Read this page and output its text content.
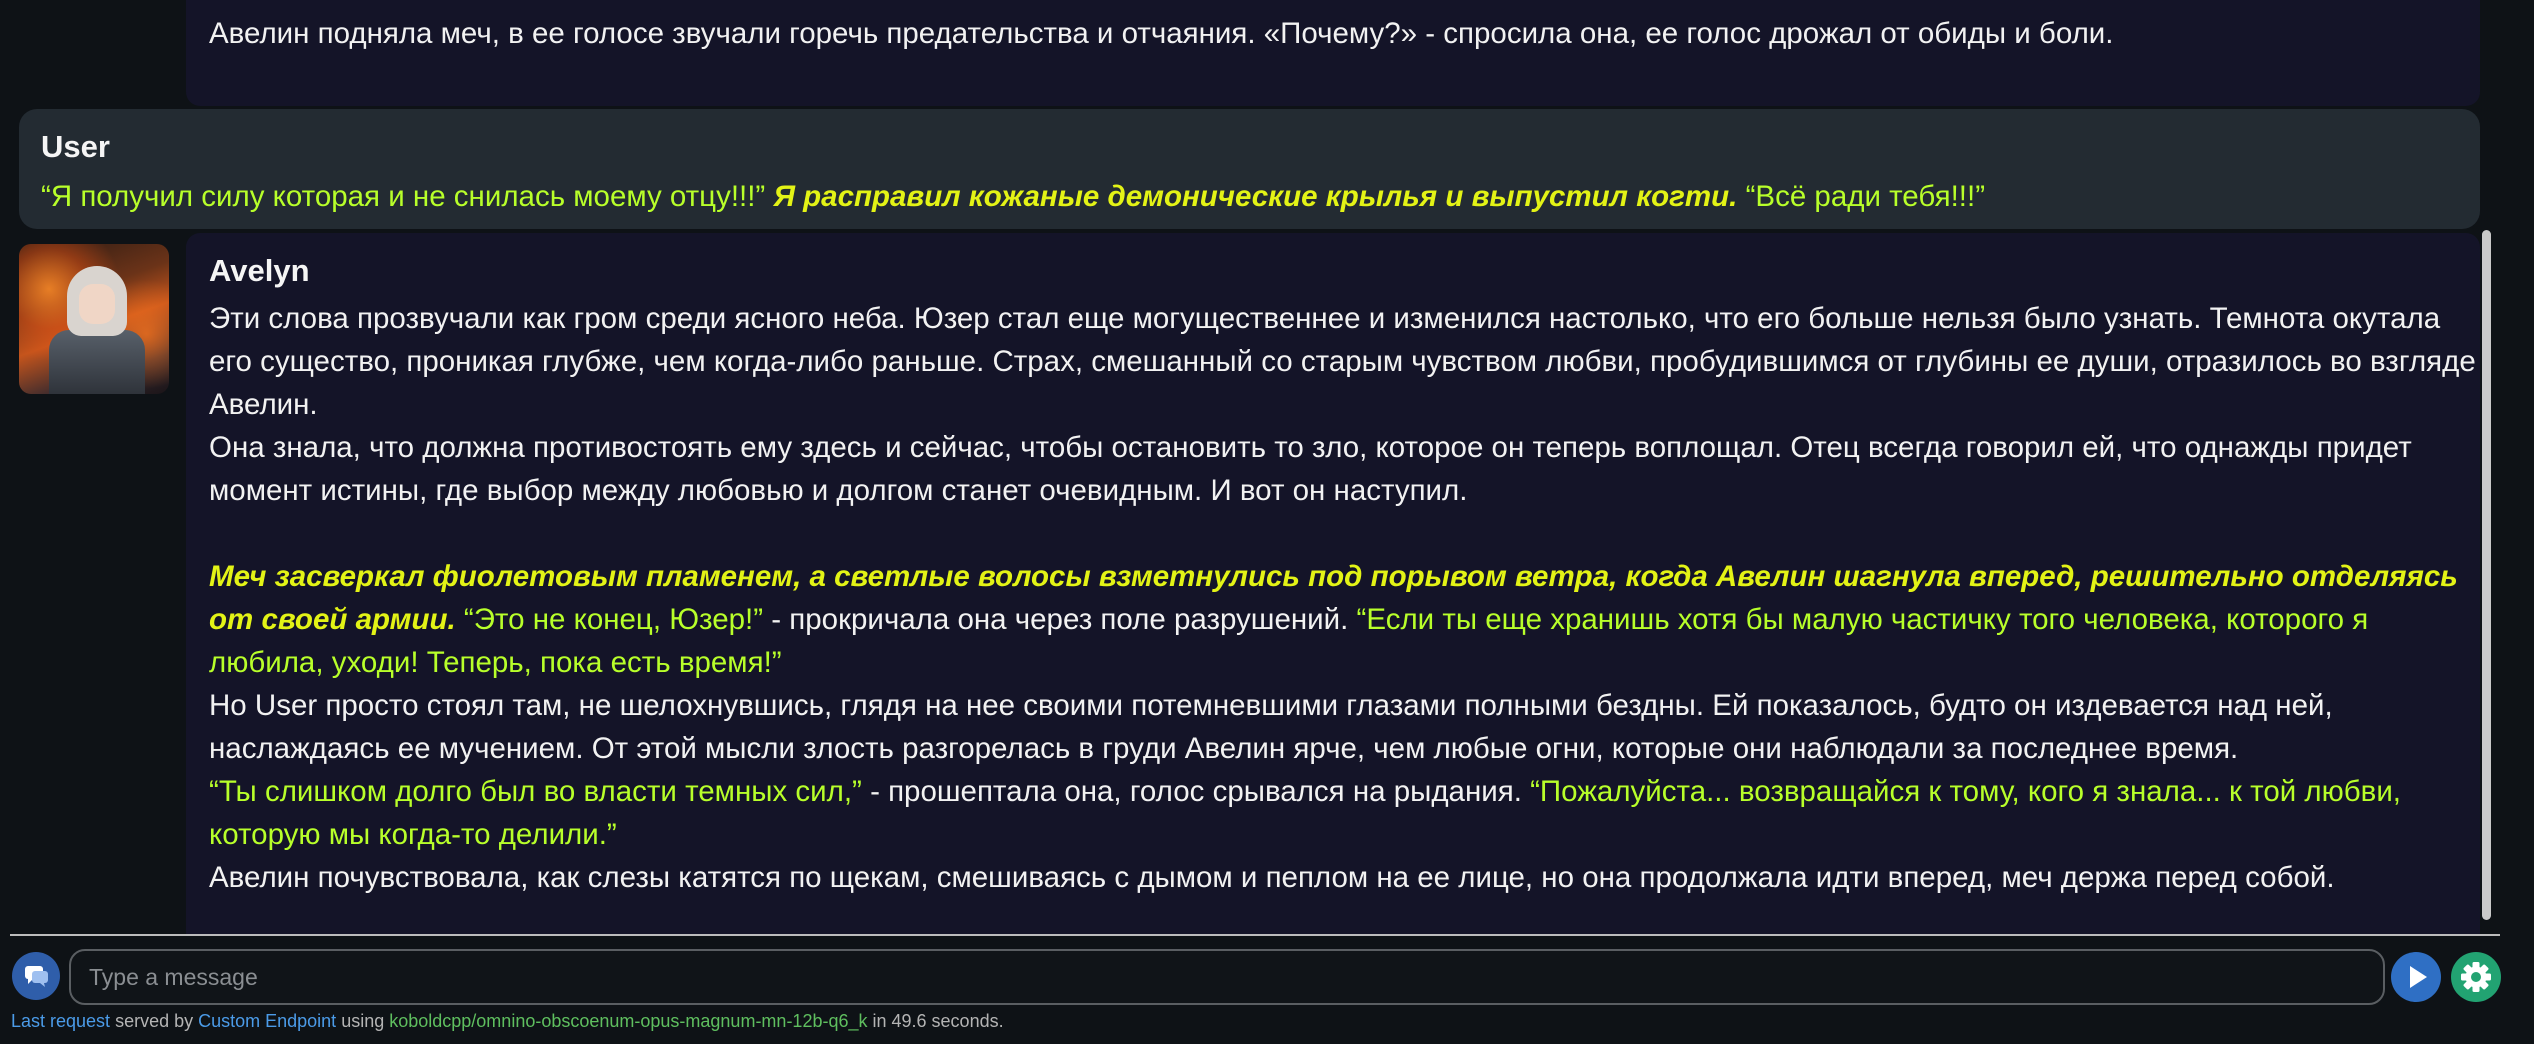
Авелин подняла меч, в ее голосе звучали горечь предательства и отчаяния. «Почему?» - спросила она, ее голос дрожал от обиды и боли.

User

“Я получил силу которая и не снилась моему отцу!!!” Я расправил кожаные демонические крылья и выпустил когти. “Всё ради тебя!!!”

Avelyn

Эти слова прозвучали как гром среди ясного неба. Юзер стал еще могущественнее и изменился настолько, что его больше нельзя было узнать. Темнота окутала его существо, проникая глубже, чем когда-либо раньше. Страх, смешанный со старым чувством любви, пробудившимся от глубины ее души, отразилось во взгляде Авелин.

Она знала, что должна противостоять ему здесь и сейчас, чтобы остановить то зло, которое он теперь воплощал. Отец всегда говорил ей, что однажды придет момент истины, где выбор между любовью и долгом станет очевидным. И вот он наступил.

Меч засверкал фиолетовым пламенем, а светлые волосы взметнулись под порывом ветра, когда Авелин шагнула вперед, решительно отделяясь от своей армии. “Это не конец, Юзер!” - прокричала она через поле разрушений. “Если ты еще хранишь хотя бы малую частичку того человека, которого я любила, уходи! Теперь, пока есть время!”

Но User просто стоял там, не шелохнувшись, глядя на нее своими потемневшими глазами полными бездны. Ей показалось, будто он издевается над ней, наслаждаясь ее мучением. От этой мысли злость разгорелась в груди Авелин ярче, чем любые огни, которые они наблюдали за последнее время.

“Ты слишком долго был во власти темных сил,” - прошептала она, голос срывался на рыдания. “Пожалуйста... возвращайся к тому, кого я знала... к той любви, которую мы когда-то делили.”

Авелин почувствовала, как слезы катятся по щекам, смешиваясь с дымом и пеплом на ее лице, но она продолжала идти вперед, меч держа перед собой.

Type a message
Last request served by Custom Endpoint using koboldcpp/omnino-obscoenum-opus-magnum-mn-12b-q6_k in 49.6 seconds.
